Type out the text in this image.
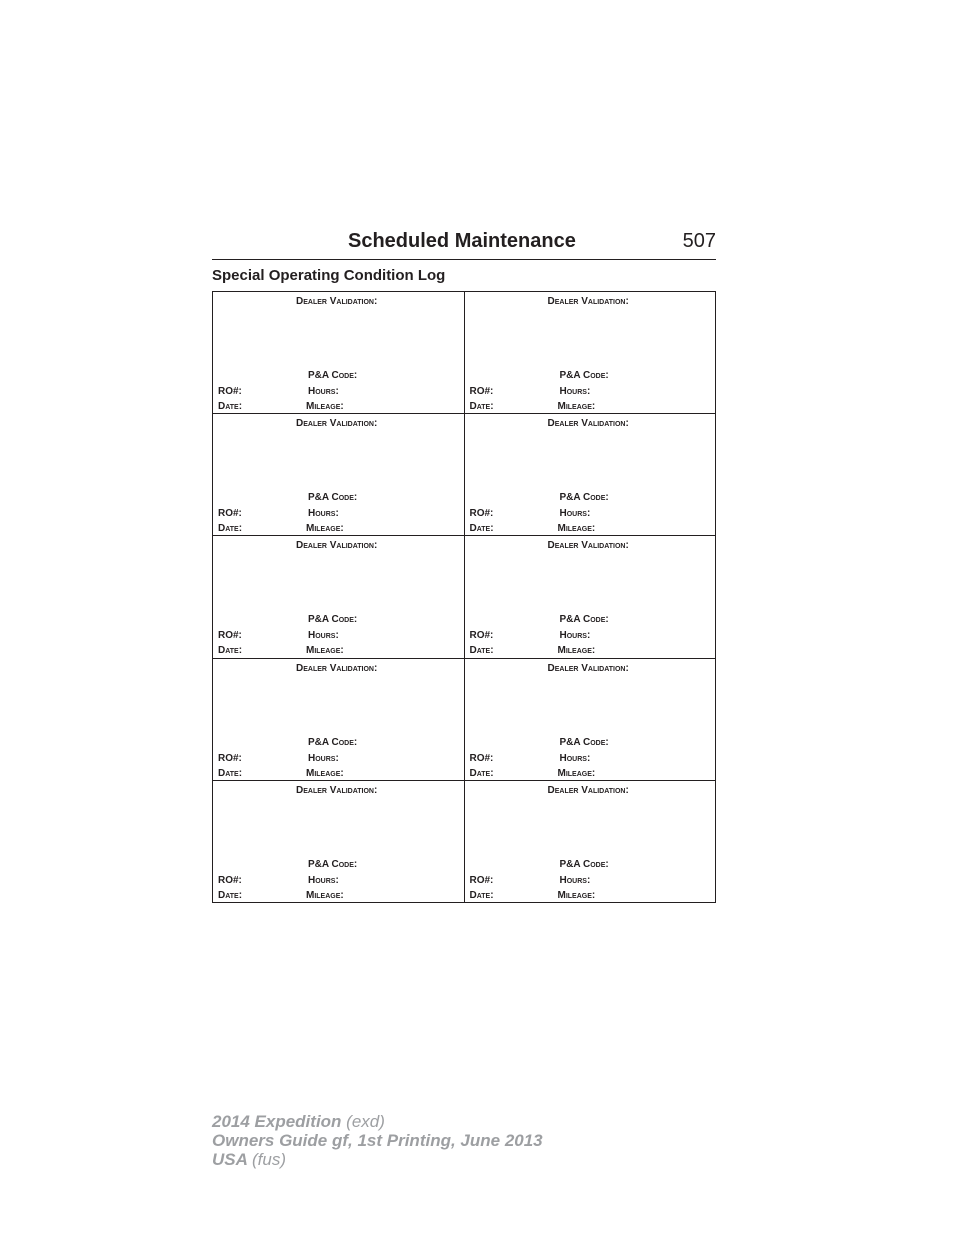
Scheduled Maintenance	507
Special Operating Condition Log
Dealer Validation:
P&A Code:
RO#:	Hours:
Date:	Mileage:
Dealer Validation:
P&A Code:
RO#:	Hours:
Date:	Mileage:
Dealer Validation:
P&A Code:
RO#:	Hours:
Date:	Mileage:
Dealer Validation:
P&A Code:
RO#:	Hours:
Date:	Mileage:
Dealer Validation:
P&A Code:
RO#:	Hours:
Date:	Mileage:
Dealer Validation:
P&A Code:
RO#:	Hours:
Date:	Mileage:
Dealer Validation:
P&A Code:
RO#:	Hours:
Date:	Mileage:
Dealer Validation:
P&A Code:
RO#:	Hours:
Date:	Mileage:
Dealer Validation:
P&A Code:
RO#:	Hours:
Date:	Mileage:
Dealer Validation:
P&A Code:
RO#:	Hours:
Date:	Mileage:
2014 Expedition (exd)
Owners Guide gf, 1st Printing, June 2013
USA (fus)
